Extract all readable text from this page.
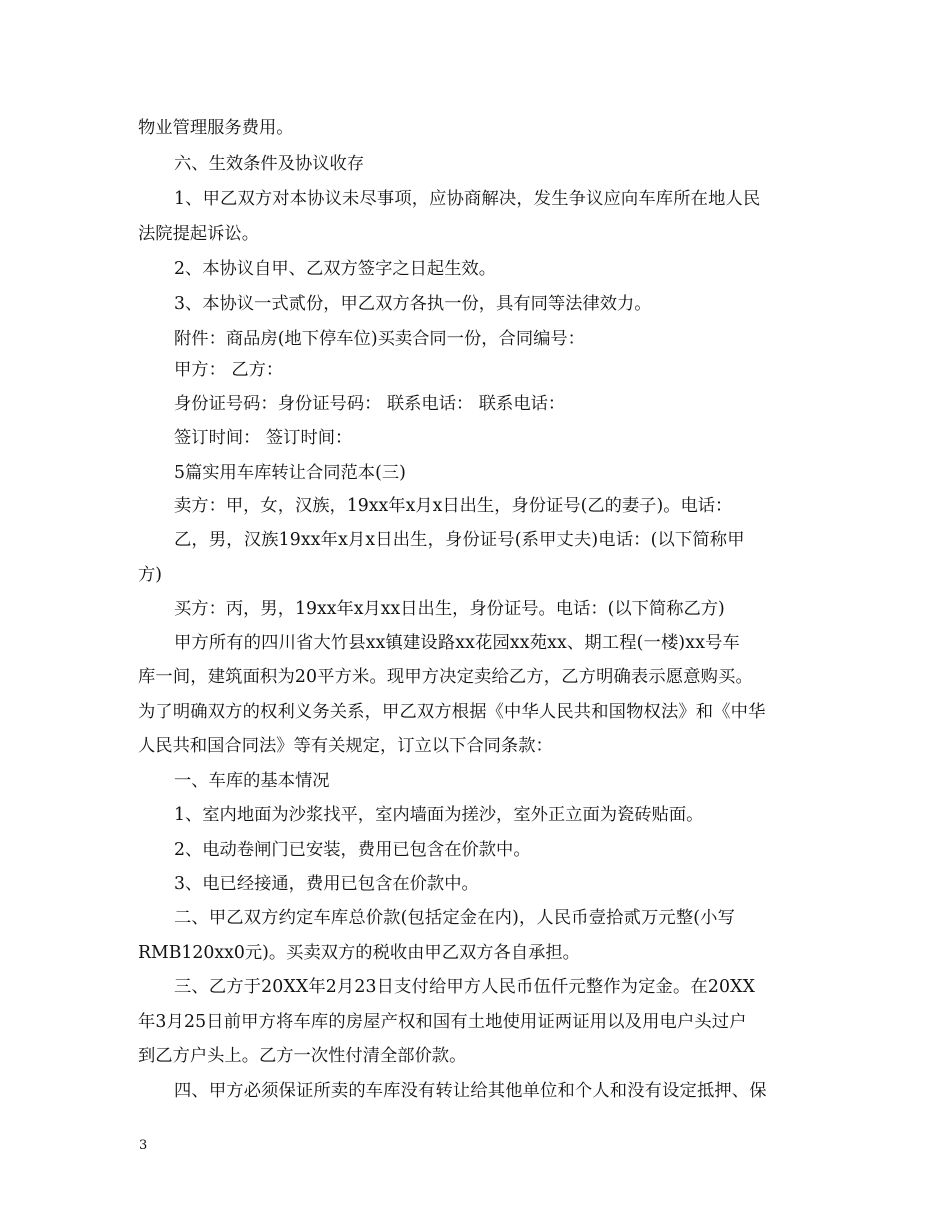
物业管理服务费用。
六、生效条件及协议收存
1、甲乙双方对本协议未尽事项，应协商解决，发生争议应向车库所在地人民
法院提起诉讼。
2、本协议自甲、乙双方签字之日起生效。
3、本协议一式贰份，甲乙双方各执一份，具有同等法律效力。
附件：商品房(地下停车位)买卖合同一份，合同编号：
甲方： 乙方：
身份证号码：身份证号码： 联系电话： 联系电话：
签订时间： 签订时间：
5篇实用车库转让合同范本(三)
卖方：甲，女，汉族，19xx年x月x日出生，身份证号(乙的妻子)。电话：
乙，男，汉族19xx年x月x日出生，身份证号(系甲丈夫)电话：(以下简称甲
方)
买方：丙，男，19xx年x月xx日出生，身份证号。电话：(以下简称乙方)
甲方所有的四川省大竹县xx镇建设路xx花园xx苑xx、期工程(一楼)xx号车
库一间，建筑面积为20平方米。现甲方决定卖给乙方，乙方明确表示愿意购买。
为了明确双方的权利义务关系，甲乙双方根据《中华人民共和国物权法》和《中华
人民共和国合同法》等有关规定，订立以下合同条款：
一、车库的基本情况
1、室内地面为沙浆找平，室内墙面为搓沙，室外正立面为瓷砖贴面。
2、电动卷闸门已安装，费用已包含在价款中。
3、电已经接通，费用已包含在价款中。
二、甲乙双方约定车库总价款(包括定金在内)，人民币壹拾贰万元整(小写
RMB120xx0元)。买卖双方的税收由甲乙双方各自承担。
三、乙方于20XX年2月23日支付给甲方人民币伍仟元整作为定金。在20XX
年3月25日前甲方将车库的房屋产权和国有土地使用证两证用以及用电户头过户
到乙方户头上。乙方一次性付清全部价款。
四、甲方必须保证所卖的车库没有转让给其他单位和个人和没有设定抵押、保
3
